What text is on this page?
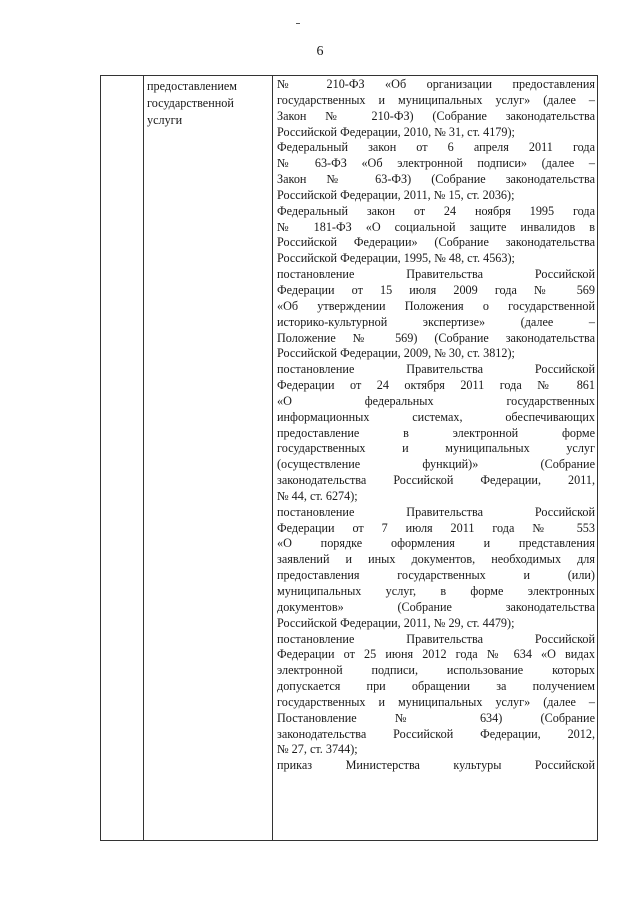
6
предоставлением
государственной
услуги
№ 210-ФЗ «Об организации предоставления
государственных и муниципальных услуг» (далее –
Закон № 210-ФЗ) (Собрание законодательства
Российской Федерации, 2010, № 31, ст. 4179);
Федеральный закон от 6 апреля 2011 года
№ 63-ФЗ «Об электронной подписи» (далее –
Закон № 63-ФЗ) (Собрание законодательства
Российской Федерации, 2011, № 15, ст. 2036);
Федеральный закон от 24 ноября 1995 года
№ 181-ФЗ «О социальной защите инвалидов в
Российской Федерации» (Собрание законодательства
Российской Федерации, 1995, № 48, ст. 4563);
постановление Правительства Российской
Федерации от 15 июля 2009 года № 569
«Об утверждении Положения о государственной
историко-культурной экспертизе» (далее –
Положение № 569) (Собрание законодательства
Российской Федерации, 2009, № 30, ст. 3812);
постановление Правительства Российской
Федерации от 24 октября 2011 года № 861
«О федеральных государственных
информационных системах, обеспечивающих
предоставление в электронной форме
государственных и муниципальных услуг
(осуществление функций)» (Собрание
законодательства Российской Федерации, 2011,
№ 44, ст. 6274);
постановление Правительства Российской
Федерации от 7 июля 2011 года № 553
«О порядке оформления и представления
заявлений и иных документов, необходимых для
предоставления государственных и (или)
муниципальных услуг, в форме электронных
документов» (Собрание законодательства
Российской Федерации, 2011, № 29, ст. 4479);
постановление Правительства Российской
Федерации от 25 июня 2012 года № 634 «О видах
электронной подписи, использование которых
допускается при обращении за получением
государственных и муниципальных услуг» (далее –
Постановление № 634) (Собрание
законодательства Российской Федерации, 2012,
№ 27, ст. 3744);
приказ Министерства культуры Российской
